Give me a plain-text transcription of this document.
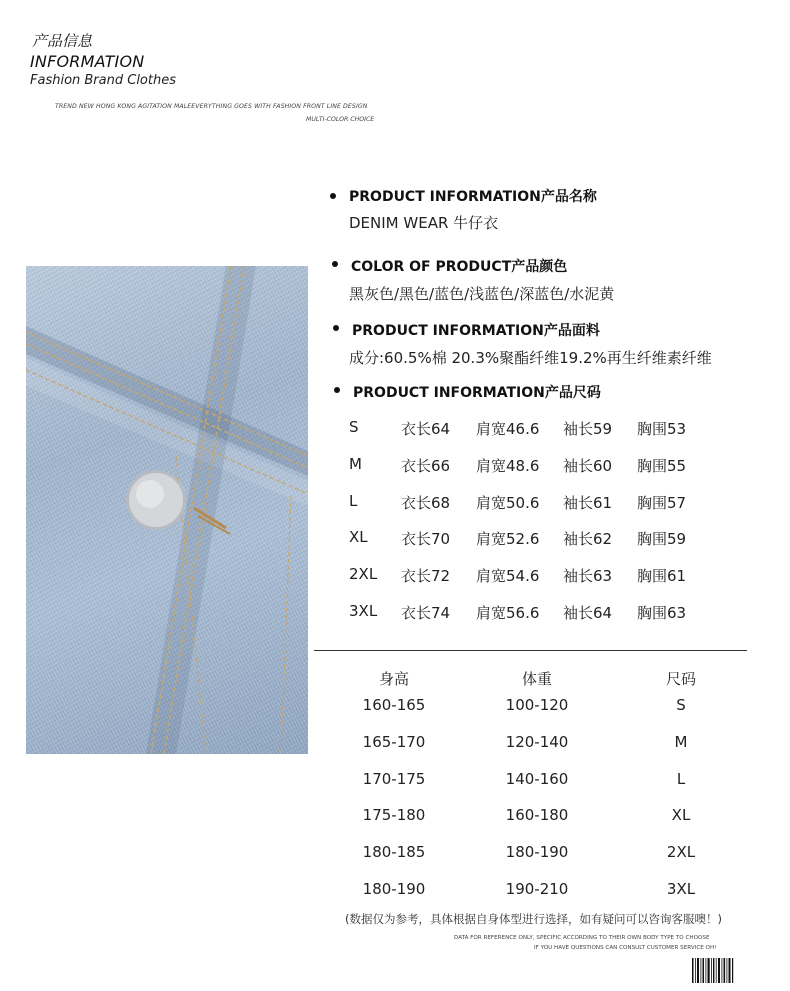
产品信息
INFORMATION
Fashion Brand Clothes
TREND NEW HONG KONG AGITATION MALEEVERYTHING GOES WITH FASHION FRONT LINE DESIGN
MULTI-COLOR CHOICE
PRODUCT INFORMATION产品名称
DENIM WEAR 牛仔衣
COLOR OF PRODUCT产品颜色
黑灰色/黑色/蓝色/浅蓝色/深蓝色/水泥黄
PRODUCT INFORMATION产品面料
成分:60.5%棉 20.3%聚酯纤维19.2%再生纤维素纤维
PRODUCT INFORMATION产品尺码
S	衣长64 肩宽46.6 袖长59 胸围53
M	衣长66 肩宽48.6 袖长60 胸围55
L	衣长68 肩宽50.6 袖长61 胸围57
XL 衣长70 肩宽52.6 袖长62 胸围59
2XL 衣长72 肩宽54.6 袖长63 胸围61
3XL 衣长74 肩宽56.6 袖长64 胸围63
身高	体重	尺码
160-165	100-120	S
165-170	120-140	M
170-175	140-160	L
175-180	160-180	XL
180-185	180-190	2XL
180-190	190-210	3XL
(数据仅为参考，具体根据自身体型进行选择，如有疑问可以咨询客服噢！)
DATA FOR REFERENCE ONLY, SPECIFIC ACCORDING TO THEIR OWN BODY TYPE TO CHOOSE
IF YOU HAVE QUESTIONS CAN CONSULT CUSTOMER SERVICE OH!
